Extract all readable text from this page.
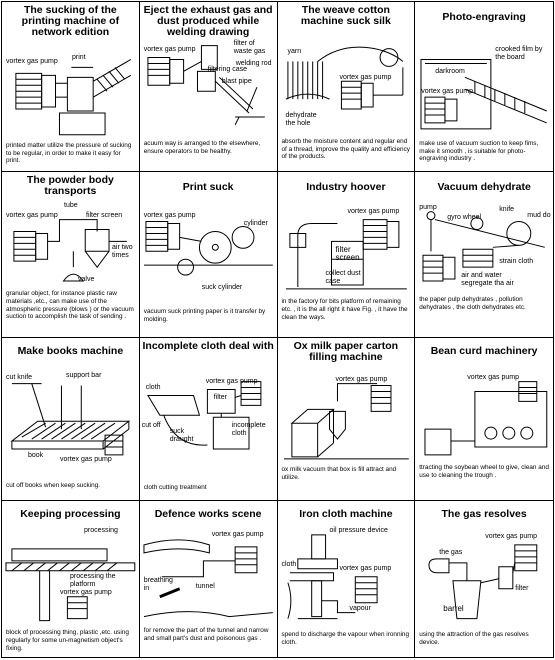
The sucking of the printing machine of network edition
vortex gas pump
print
printed matter utilize the pressure of sucking to be regular, in order to make it easy for print.
Eject the exhaust gas and dust produced while welding drawing
vortex gas pump
filter of waste gas
filtering case
welding rod
blast pipe
acuum way is arranged to the elsewhere, ensure operators to be healthy.
The weave cotton machine suck silk
yarn
vortex gas pump
dehydrate the hole
absorb the moisture content and regular end of a thread, improve the quality and efficiency of the products.
Photo-engraving
crooked film by the board
darkroom
vortex gas pump
make use of vacuum suction to keep fims, make it smooth , is suitable for photo-engraving industry .
The powder body transports
tube
vortex gas pump	filter screen
air two times
valve
granular object, for instance plastic raw materials ,etc., can make use of the atmospheric pressure (blows ) or the vacuum suction to accomplish the task of sending .
Print suck
vortex gas pump
cylinder
suck cylinder
vacuum suck printing paper is it transfer by molding.
Industry hoover
vortex gas pump
filter screen
collect dust case
in the factory for bits platform of remaining etc. , it is the all right it have Fig. , it have the clean the ways.
Vacuum dehydrate
pump
gyro wheel
knife
mud do
strain cloth
air and water segregate tha air
the paper pulp dehydrates , pollution dehydrates , the cloth dehydrates etc.
Make books machine
cut knife	support bar
book
vortex gas pump
cut off books when keep sucking.
Incomplete cloth deal with
cloth
vortex gas pump
filter
cut off
suck draught
incomplete cloth
cloth cutting treatment
Ox milk paper carton filling machine
vortex gas pump
ox milk vacuum that box is fill attract and utilize.
Bean curd machinery
vortex gas pump
ttracting the soybean wheel to give, clean and use to cleaning the trough .
Keeping processing
processing
processing the platform
vortex gas pump
block of processing thing, plastic ,etc. using regularly for some un-magnetism object's fixing.
Defence works scene
vortex gas pump
breathing in	tunnel
for remove the part of the tunnel and narrow and small part's dust and poisonous gas .
Iron cloth machine
oil pressure device
cloth
vortex gas pump
vapour
spend to discharge the vapour when ironning cloth.
The gas resolves
vortex gas pump
the gas
filter
barrel
using the attraction of the gas resolves device.
